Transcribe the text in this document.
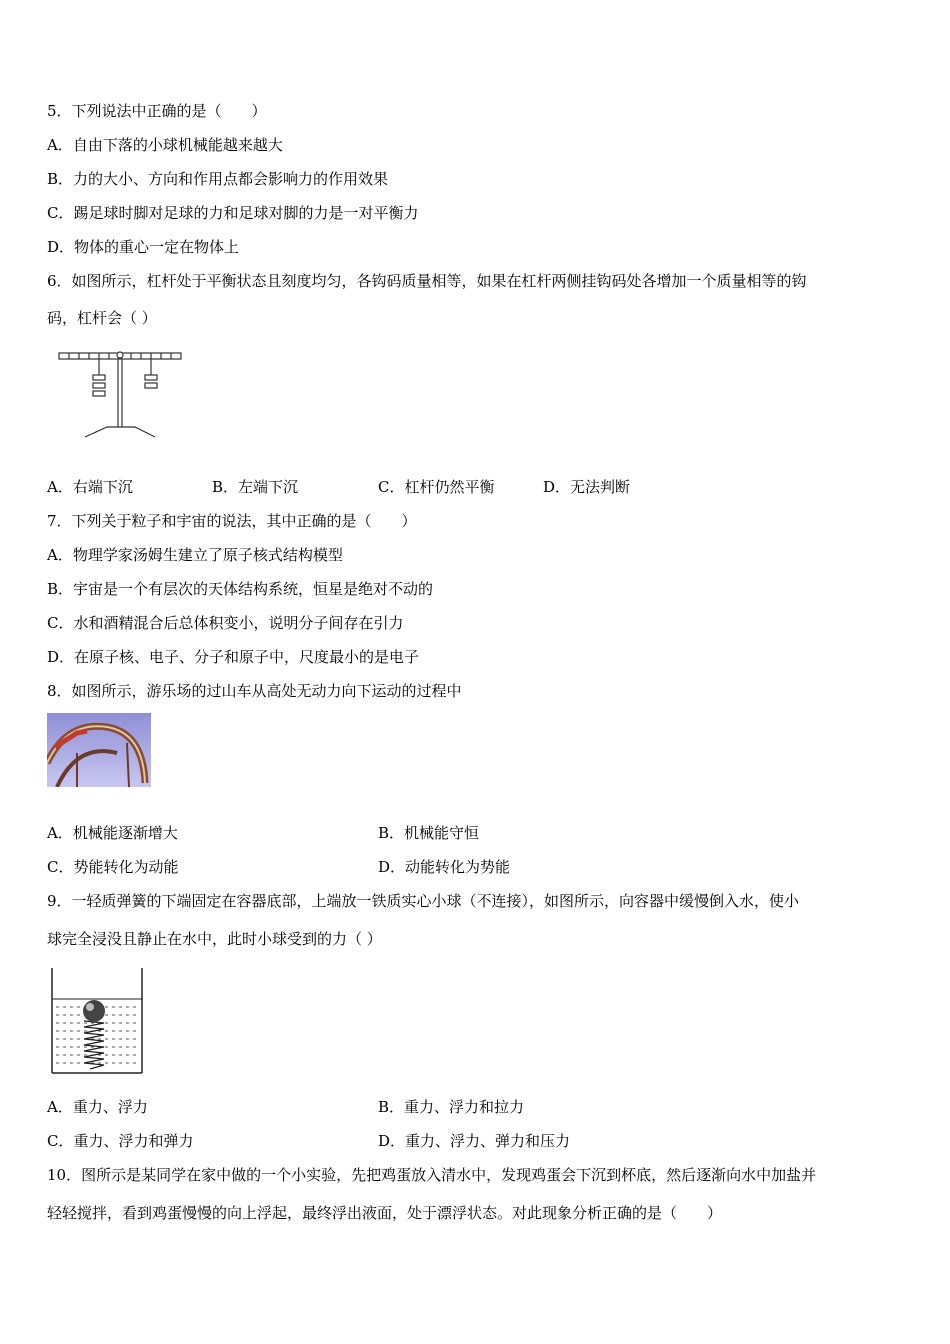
5．下列说法中正确的是（　　）
A．自由下落的小球机械能越来越大
B．力的大小、方向和作用点都会影响力的作用效果
C．踢足球时脚对足球的力和足球对脚的力是一对平衡力
D．物体的重心一定在物体上
6．如图所示，杠杆处于平衡状态且刻度均匀，各钩码质量相等，如果在杠杆两侧挂钩码处各增加一个质量相等的钩
码，杠杆会（ ）
A．右端下沉	B．左端下沉	C．杠杆仍然平衡	D．无法判断
7．下列关于粒子和宇宙的说法，其中正确的是（　　）
A．物理学家汤姆生建立了原子核式结构模型
B．宇宙是一个有层次的天体结构系统，恒星是绝对不动的
C．水和酒精混合后总体积变小，说明分子间存在引力
D．在原子核、电子、分子和原子中，尺度最小的是电子
8．如图所示，游乐场的过山车从高处无动力向下运动的过程中
A．机械能逐渐增大	B．机械能守恒
C．势能转化为动能	D．动能转化为势能
9．一轻质弹簧的下端固定在容器底部，上端放一铁质实心小球（不连接），如图所示，向容器中缓慢倒入水，使小
球完全浸没且静止在水中，此时小球受到的力（ ）
A．重力、浮力	B．重力、浮力和拉力
C．重力、浮力和弹力	D．重力、浮力、弹力和压力
10．图所示是某同学在家中做的一个小实验，先把鸡蛋放入清水中，发现鸡蛋会下沉到杯底，然后逐渐向水中加盐并
轻轻搅拌，看到鸡蛋慢慢的向上浮起，最终浮出液面，处于漂浮状态。对此现象分析正确的是（　　）
